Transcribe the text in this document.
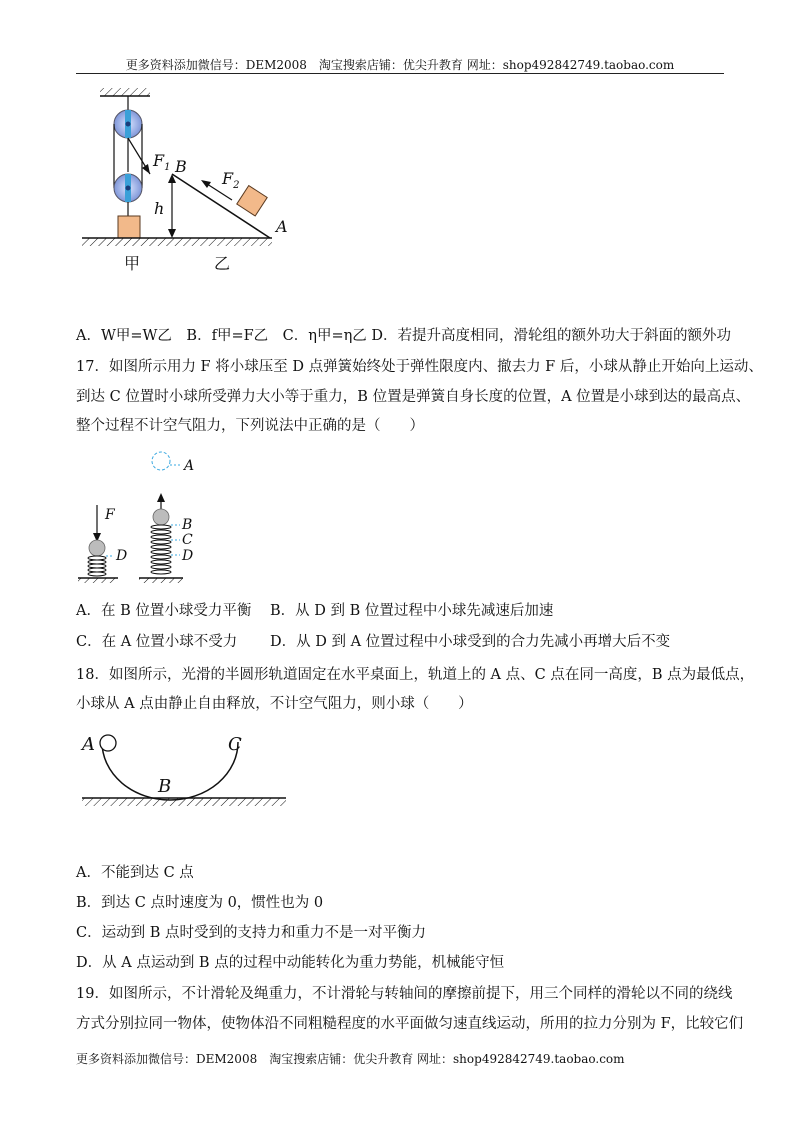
更多资料添加微信号：DEM2008　淘宝搜索店铺：优尖升教育 网址：shop492842749.taobao.com
$F_1$
h
B
A
$F_2$
甲	乙
A．W甲=W乙　B．f甲=F乙　C．η甲=η乙 D．若提升高度相同，滑轮组的额外功大于斜面的额外功
17．如图所示用力 F 将小球压至 D 点弹簧始终处于弹性限度内、撤去力 F 后，小球从静止开始向上运动、
到达 C 位置时小球所受弹力大小等于重力，B 位置是弹簧自身长度的位置，A 位置是小球到达的最高点、
整个过程不计空气阻力，下列说法中正确的是（　　）
A
F
D
B
C
D
A．在 B 位置小球受力平衡 B．从 D 到 B 位置过程中小球先减速后加速
C．在 A 位置小球不受力 D．从 D 到 A 位置过程中小球受到的合力先减小再增大后不变
18．如图所示，光滑的半圆形轨道固定在水平桌面上，轨道上的 A 点、C 点在同一高度，B 点为最低点，
小球从 A 点由静止自由释放，不计空气阻力，则小球（　　）
A	C
B
A．不能到达 C 点
B．到达 C 点时速度为 0，惯性也为 0
C．运动到 B 点时受到的支持力和重力不是一对平衡力
D．从 A 点运动到 B 点的过程中动能转化为重力势能，机械能守恒
19．如图所示，不计滑轮及绳重力，不计滑轮与转轴间的摩擦前提下，用三个同样的滑轮以不同的绕线
方式分别拉同一物体，使物体沿不同粗糙程度的水平面做匀速直线运动，所用的拉力分别为 F，比较它们
更多资料添加微信号：DEM2008　淘宝搜索店铺：优尖升教育 网址：shop492842749.taobao.com
